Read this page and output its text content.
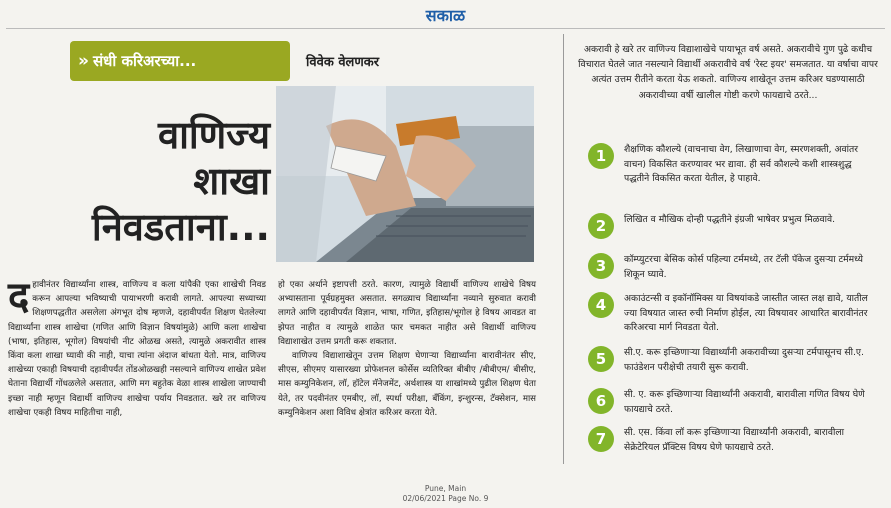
सकाळ
» संधी करिअरच्या...	विवेक वेलणकर
वाणिज्य
शाखा
निवडताना...
द हावीनंतर विद्यार्थ्यांना शास्त्र, वाणिज्य व कला यांपैकी एका शाखेची निवड करून आपल्या भविष्याची पायाभरणी करावी लागते. आपल्या सध्याच्या शिक्षणपद्धतीत असलेला अंगभूत दोष म्हणजे, दहावीपर्यंत शिक्षण घेतलेल्या विद्यार्थ्यांना शास्त्र शाखेचा (गणित आणि विज्ञान विषयांमुळे) आणि कला शाखेचा (भाषा, इतिहास, भूगोल) विषयांची नीट ओळख असते, त्यामुळे अकरावीत शास्त्र किंवा कला शाखा घ्यावी की नाही, याचा त्यांना अंदाज बांधता येतो. मात्र, वाणिज्य शाखेच्या एकाही विषयाची दहावीपर्यंत तोंडओळखही नसल्याने वाणिज्य शाखेत प्रवेश घेताना विद्यार्थी गोंधळलेले असतात, आणि मग बहुतेक वेळा शास्त्र शाखेला जाण्याची इच्छा नाही म्हणून विद्यार्थी वाणिज्य शाखेचा पर्याय निवडतात. खरे तर वाणिज्य शाखेचा एकही विषय माहितीचा नाही,
हो एका अर्थाने इष्टापत्ती ठरते. कारण, त्यामुळे विद्यार्थी वाणिज्य शाखेचे विषय अभ्यासताना पूर्वग्रहमुक्त असतात. सगळ्याच विद्यार्थ्यांना नव्याने सुरुवात करावी लागते आणि दहावीपर्यंत विज्ञान, भाषा, गणित, इतिहास/भूगोल हे विषय आवडत वा झेपत नाहीत व त्यामुळे शाळेत फार चमकत नाहीत असे विद्यार्थी वाणिज्य विद्याशाखेत उत्तम प्रगती करू शकतात.
वाणिज्य विद्याशाखेतून उत्तम शिक्षण घेणाऱ्या विद्यार्थ्यांना बारावीनंतर सीए, सीएस, सीएमए यासारख्या प्रोफेशनल कोर्सेस व्यतिरिक्त बीबीए /बीबीएम/ बीसीए, मास कम्युनिकेशन, लॉ, हॉटेल मॅनेजमेंट, अर्थशास्त्र या शाखांमध्ये पुढील शिक्षण घेता येते, तर पदवीनंतर एमबीए, लॉ, स्पर्धा परीक्षा, बँकिंग, इन्शुरन्स, टॅक्सेशन, मास कम्युनिकेशन अशा विविध क्षेत्रांत करिअर करता येते.
अकरावी हे खरे तर वाणिज्य विद्याशाखेचे पायाभूत वर्ष असते. अकरावीचे गुण पुढे कधीच विचारात घेतले जात नसल्याने विद्यार्थी अकरावीचे वर्ष 'रेस्ट इयर' समजतात. या वर्षाचा वापर अत्यंत उत्तम रीतीने करता येऊ शकतो. वाणिज्य शाखेतून उत्तम करिअर घडण्यासाठी अकरावीच्या वर्षी खालील गोष्टी करणे फायद्याचे ठरते...
1	शैक्षणिक कौशल्ये (वाचनाचा वेग, लिखाणाचा वेग, स्मरणशक्ती, अवांतर वाचन) विकसित करण्यावर भर द्यावा. ही सर्व कौशल्ये कशी शास्त्रशुद्ध पद्धतीने विकसित करता येतील, हे पाहावे.
2	लिखित व मौखिक दोन्ही पद्धतीने इंग्रजी भाषेवर प्रभुत्व मिळवावे.
3	कॉम्प्युटरचा बेसिक कोर्स पहिल्या टर्ममध्ये, तर टॅली पॅकेज दुसऱ्या टर्ममध्ये शिकून घ्यावे.
4	अकाउंटन्सी व इकॉनॉमिक्स या विषयांकडे जास्तीत जास्त लक्ष द्यावे, यातील ज्या विषयात जास्त रुची निर्माण होईल, त्या विषयावर आधारित बारावीनंतर करिअरचा मार्ग निवडता येतो.
5	सी.ए. करू इच्छिणाऱ्या विद्यार्थ्यांनी अकरावीच्या दुसऱ्या टर्मपासूनच सी.ए. फाउंडेशन परीक्षेची तयारी सुरू करावी.
6	सी. ए. करू इच्छिणाऱ्या विद्यार्थ्यांनी अकरावी, बारावीला गणित विषय घेणे फायद्याचे ठरते.
7	सी. एस. किंवा लॉ करू इच्छिणाऱ्या विद्यार्थ्यांनी अकरावी, बारावीला सेक्रेटेरियल प्रॅक्टिस विषय घेणे फायद्याचे ठरते.
Pune, Main
02/06/2021 Page No. 9
